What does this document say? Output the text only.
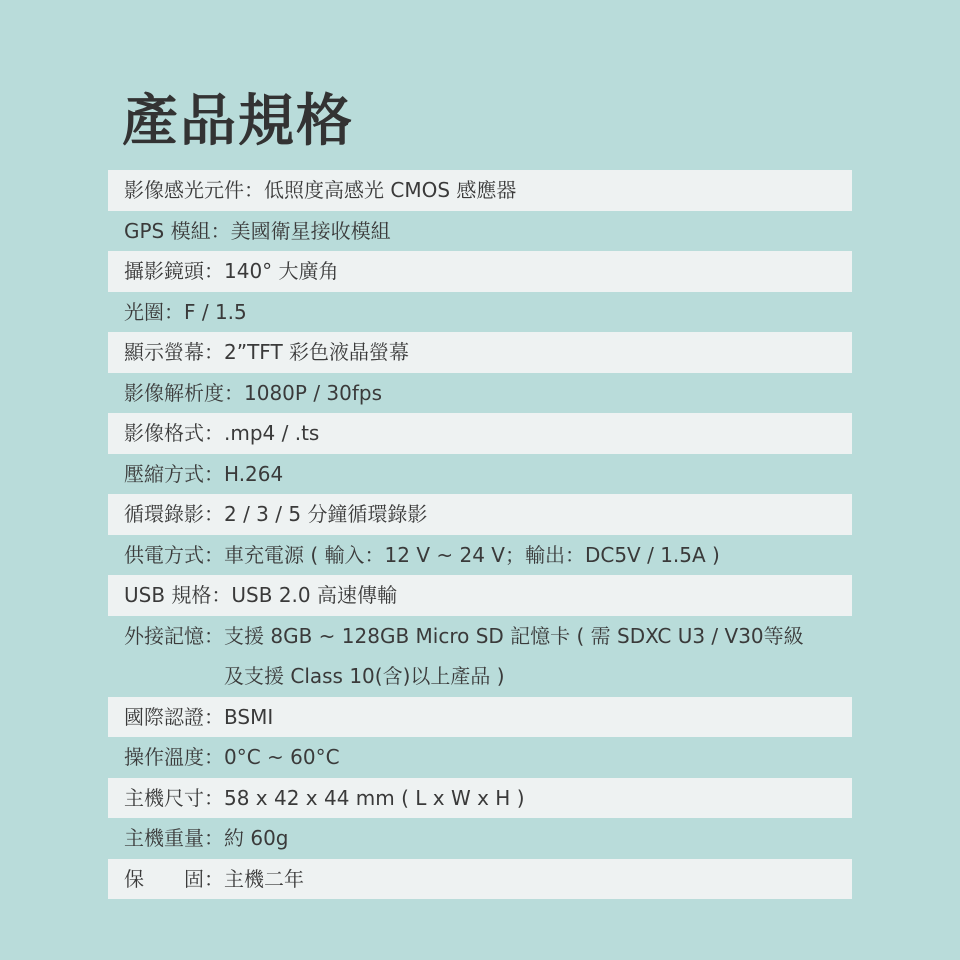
產品規格
影像感光元件： 低照度高感光 CMOS 感應器
GPS 模組： 美國衛星接收模組
攝影鏡頭： 140° 大廣角
光圈： F / 1.5
顯示螢幕： 2”TFT 彩色液晶螢幕
影像解析度： 1080P / 30fps
影像格式： .mp4 / .ts
壓縮方式： H.264
循環錄影： 2 / 3 / 5 分鐘循環錄影
供電方式： 車充電源 ( 輸入：12 V ~ 24 V；輸出：DC5V / 1.5A )
USB 規格： USB 2.0 高速傳輸
外接記憶： 支援 8GB ~ 128GB Micro SD 記憶卡 ( 需 SDXC U3 / V30等級 及支援 Class 10(含)以上產品 )
國際認證： BSMI
操作溫度： 0°C ~ 60°C
主機尺寸： 58 x 42 x 44 mm ( L x W x H )
主機重量： 約 60g
保　　固： 主機二年
